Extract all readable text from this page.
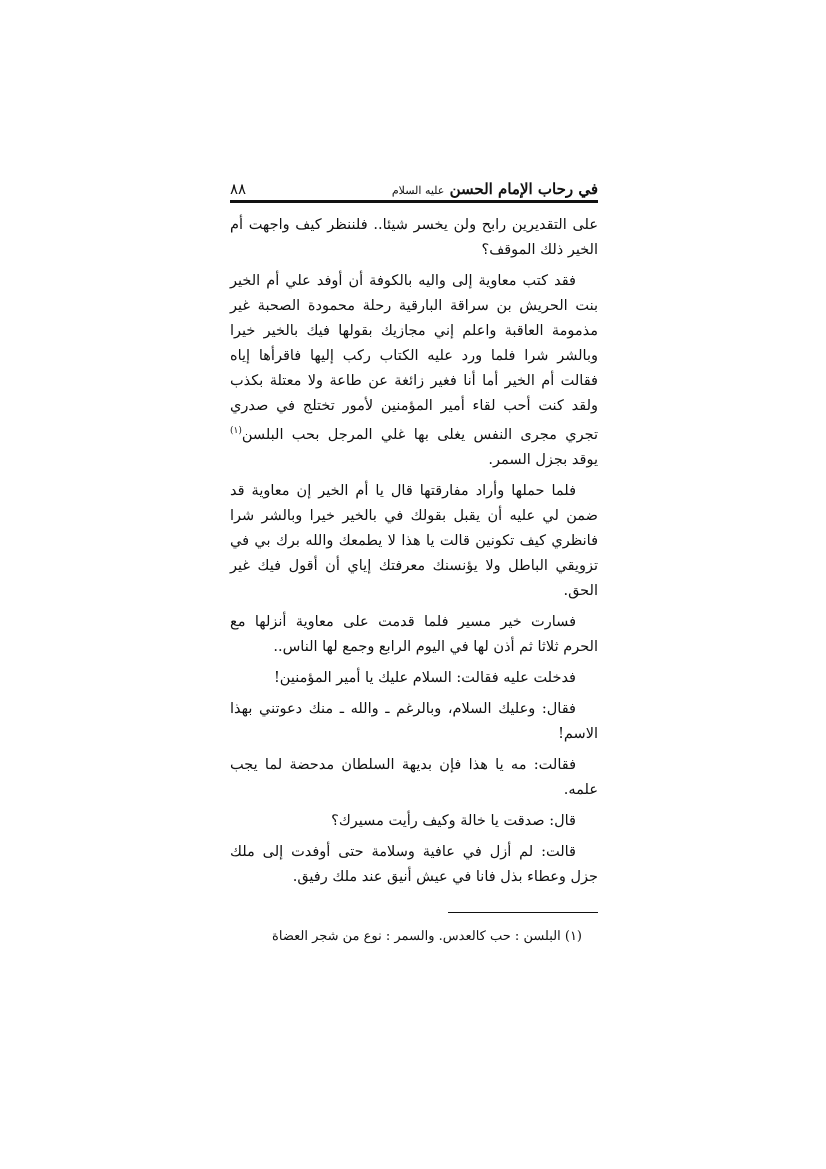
في رحاب الإمام الحسن عليه السلام
٨٨

على التقديرين رابح ولن يخسر شيئا.. فلننظر كيف واجهت أم الخير ذلك الموقف؟

فقد كتب معاوية إلى واليه بالكوفة أن أوفد علي أم الخير بنت الحريش بن سراقة البارقية رحلة محمودة الصحبة غير مذمومة العاقبة واعلم إني مجازيك بقولها فيك بالخير خيرا وبالشر شرا فلما ورد عليه الكتاب ركب إليها فاقرأها إياه فقالت أم الخير أما أنا فغير زائغة عن طاعة ولا معتلة بكذب ولقد كنت أحب لقاء أمير المؤمنين لأمور تختلج في صدري تجري مجرى النفس يغلى بها غلي المرجل بحب البلسن$^{(١)}$ يوقد بجزل السمر.

فلما حملها وأراد مفارقتها قال يا أم الخير إن معاوية قد ضمن لي عليه أن يقبل بقولك في بالخير خيرا وبالشر شرا فانظري كيف تكونين قالت يا هذا لا يطمعك والله برك بي في تزويقي الباطل ولا يؤنسنك معرفتك إياي أن أقول فيك غير الحق.

فسارت خير مسير فلما قدمت على معاوية أنزلها مع الحرم ثلاثا ثم أذن لها في اليوم الرابع وجمع لها الناس..

فدخلت عليه فقالت: السلام عليك يا أمير المؤمنين!

فقال: وعليك السلام، وبالرغم ـ والله ـ منك دعوتني بهذا الاسم!

فقالت: مه يا هذا فإن بديهة السلطان مدحضة لما يجب علمه.

قال: صدقت يا خالة وكيف رأيت مسيرك؟

قالت: لم أزل في عافية وسلامة حتى أوفدت إلى ملك جزل وعطاء بذل فانا في عيش أنيق عند ملك رفيق.

(١) البلسن : حب كالعدس. والسمر : نوع من شجر العضاة
